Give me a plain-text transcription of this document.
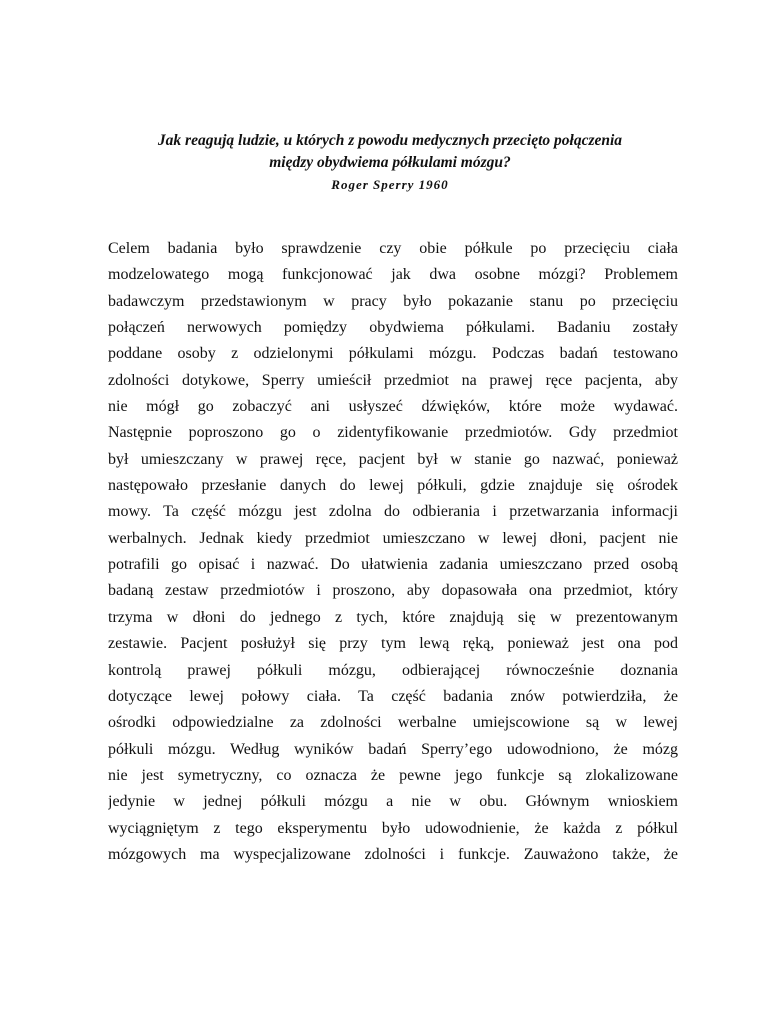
Jak reagują ludzie, u których z powodu medycznych przecięto połączenia
między obydwiema półkulami mózgu?
Roger Sperry 1960
Celem badania było sprawdzenie czy obie półkule po przecięciu ciała
modzelowatego mogą funkcjonować jak dwa osobne mózgi? Problemem
badawczym przedstawionym w pracy było pokazanie stanu po przecięciu
połączeń nerwowych pomiędzy obydwiema półkulami. Badaniu zostały
poddane osoby z odzielonymi półkulami mózgu. Podczas badań testowano
zdolności dotykowe, Sperry umieścił przedmiot na prawej ręce pacjenta, aby
nie mógł go zobaczyć ani usłyszeć dźwięków, które może wydawać.
Następnie poproszono go o zidentyfikowanie przedmiotów. Gdy przedmiot
był umieszczany w prawej ręce, pacjent był w stanie go nazwać, ponieważ
następowało przesłanie danych do lewej półkuli, gdzie znajduje się ośrodek
mowy. Ta część mózgu jest zdolna do odbierania i przetwarzania informacji
werbalnych. Jednak kiedy przedmiot umieszczano w lewej dłoni, pacjent nie
potrafili go opisać i nazwać. Do ułatwienia zadania umieszczano przed osobą
badaną zestaw przedmiotów i proszono, aby dopasowała ona przedmiot, który
trzyma w dłoni do jednego z tych, które znajdują się w prezentowanym
zestawie. Pacjent posłużył się przy tym lewą ręką, ponieważ jest ona pod
kontrolą prawej półkuli mózgu, odbierającej równocześnie doznania
dotyczące lewej połowy ciała. Ta część badania znów potwierdziła, że
ośrodki odpowiedzialne za zdolności werbalne umiejscowione są w lewej
półkuli mózgu. Według wyników badań Sperry’ego udowodniono, że mózg
nie jest symetryczny, co oznacza że pewne jego funkcje są zlokalizowane
jedynie w jednej półkuli mózgu a nie w obu. Głównym wnioskiem
wyciągniętym z tego eksperymentu było udowodnienie, że każda z półkul
mózgowych ma wyspecjalizowane zdolności i funkcje. Zauważono także, że
